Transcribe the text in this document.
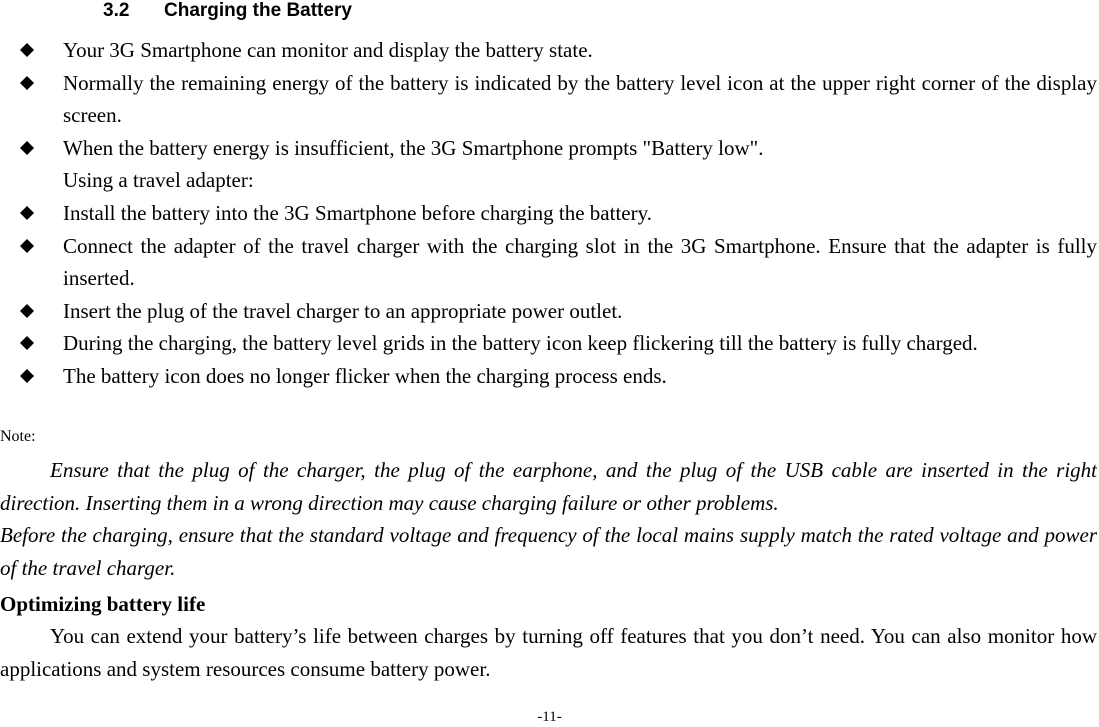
3.2 Charging the Battery
Your 3G Smartphone can monitor and display the battery state.
Normally the remaining energy of the battery is indicated by the battery level icon at the upper right corner of the display screen.
When the battery energy is insufficient, the 3G Smartphone prompts "Battery low".
Using a travel adapter:
Install the battery into the 3G Smartphone before charging the battery.
Connect the adapter of the travel charger with the charging slot in the 3G Smartphone. Ensure that the adapter is fully inserted.
Insert the plug of the travel charger to an appropriate power outlet.
During the charging, the battery level grids in the battery icon keep flickering till the battery is fully charged.
The battery icon does no longer flicker when the charging process ends.
Note:

Ensure that the plug of the charger, the plug of the earphone, and the plug of the USB cable are inserted in the right direction. Inserting them in a wrong direction may cause charging failure or other problems.

Before the charging, ensure that the standard voltage and frequency of the local mains supply match the rated voltage and power of the travel charger.

Optimizing battery life
You can extend your battery’s life between charges by turning off features that you don’t need. You can also monitor how applications and system resources consume battery power.
-11-
